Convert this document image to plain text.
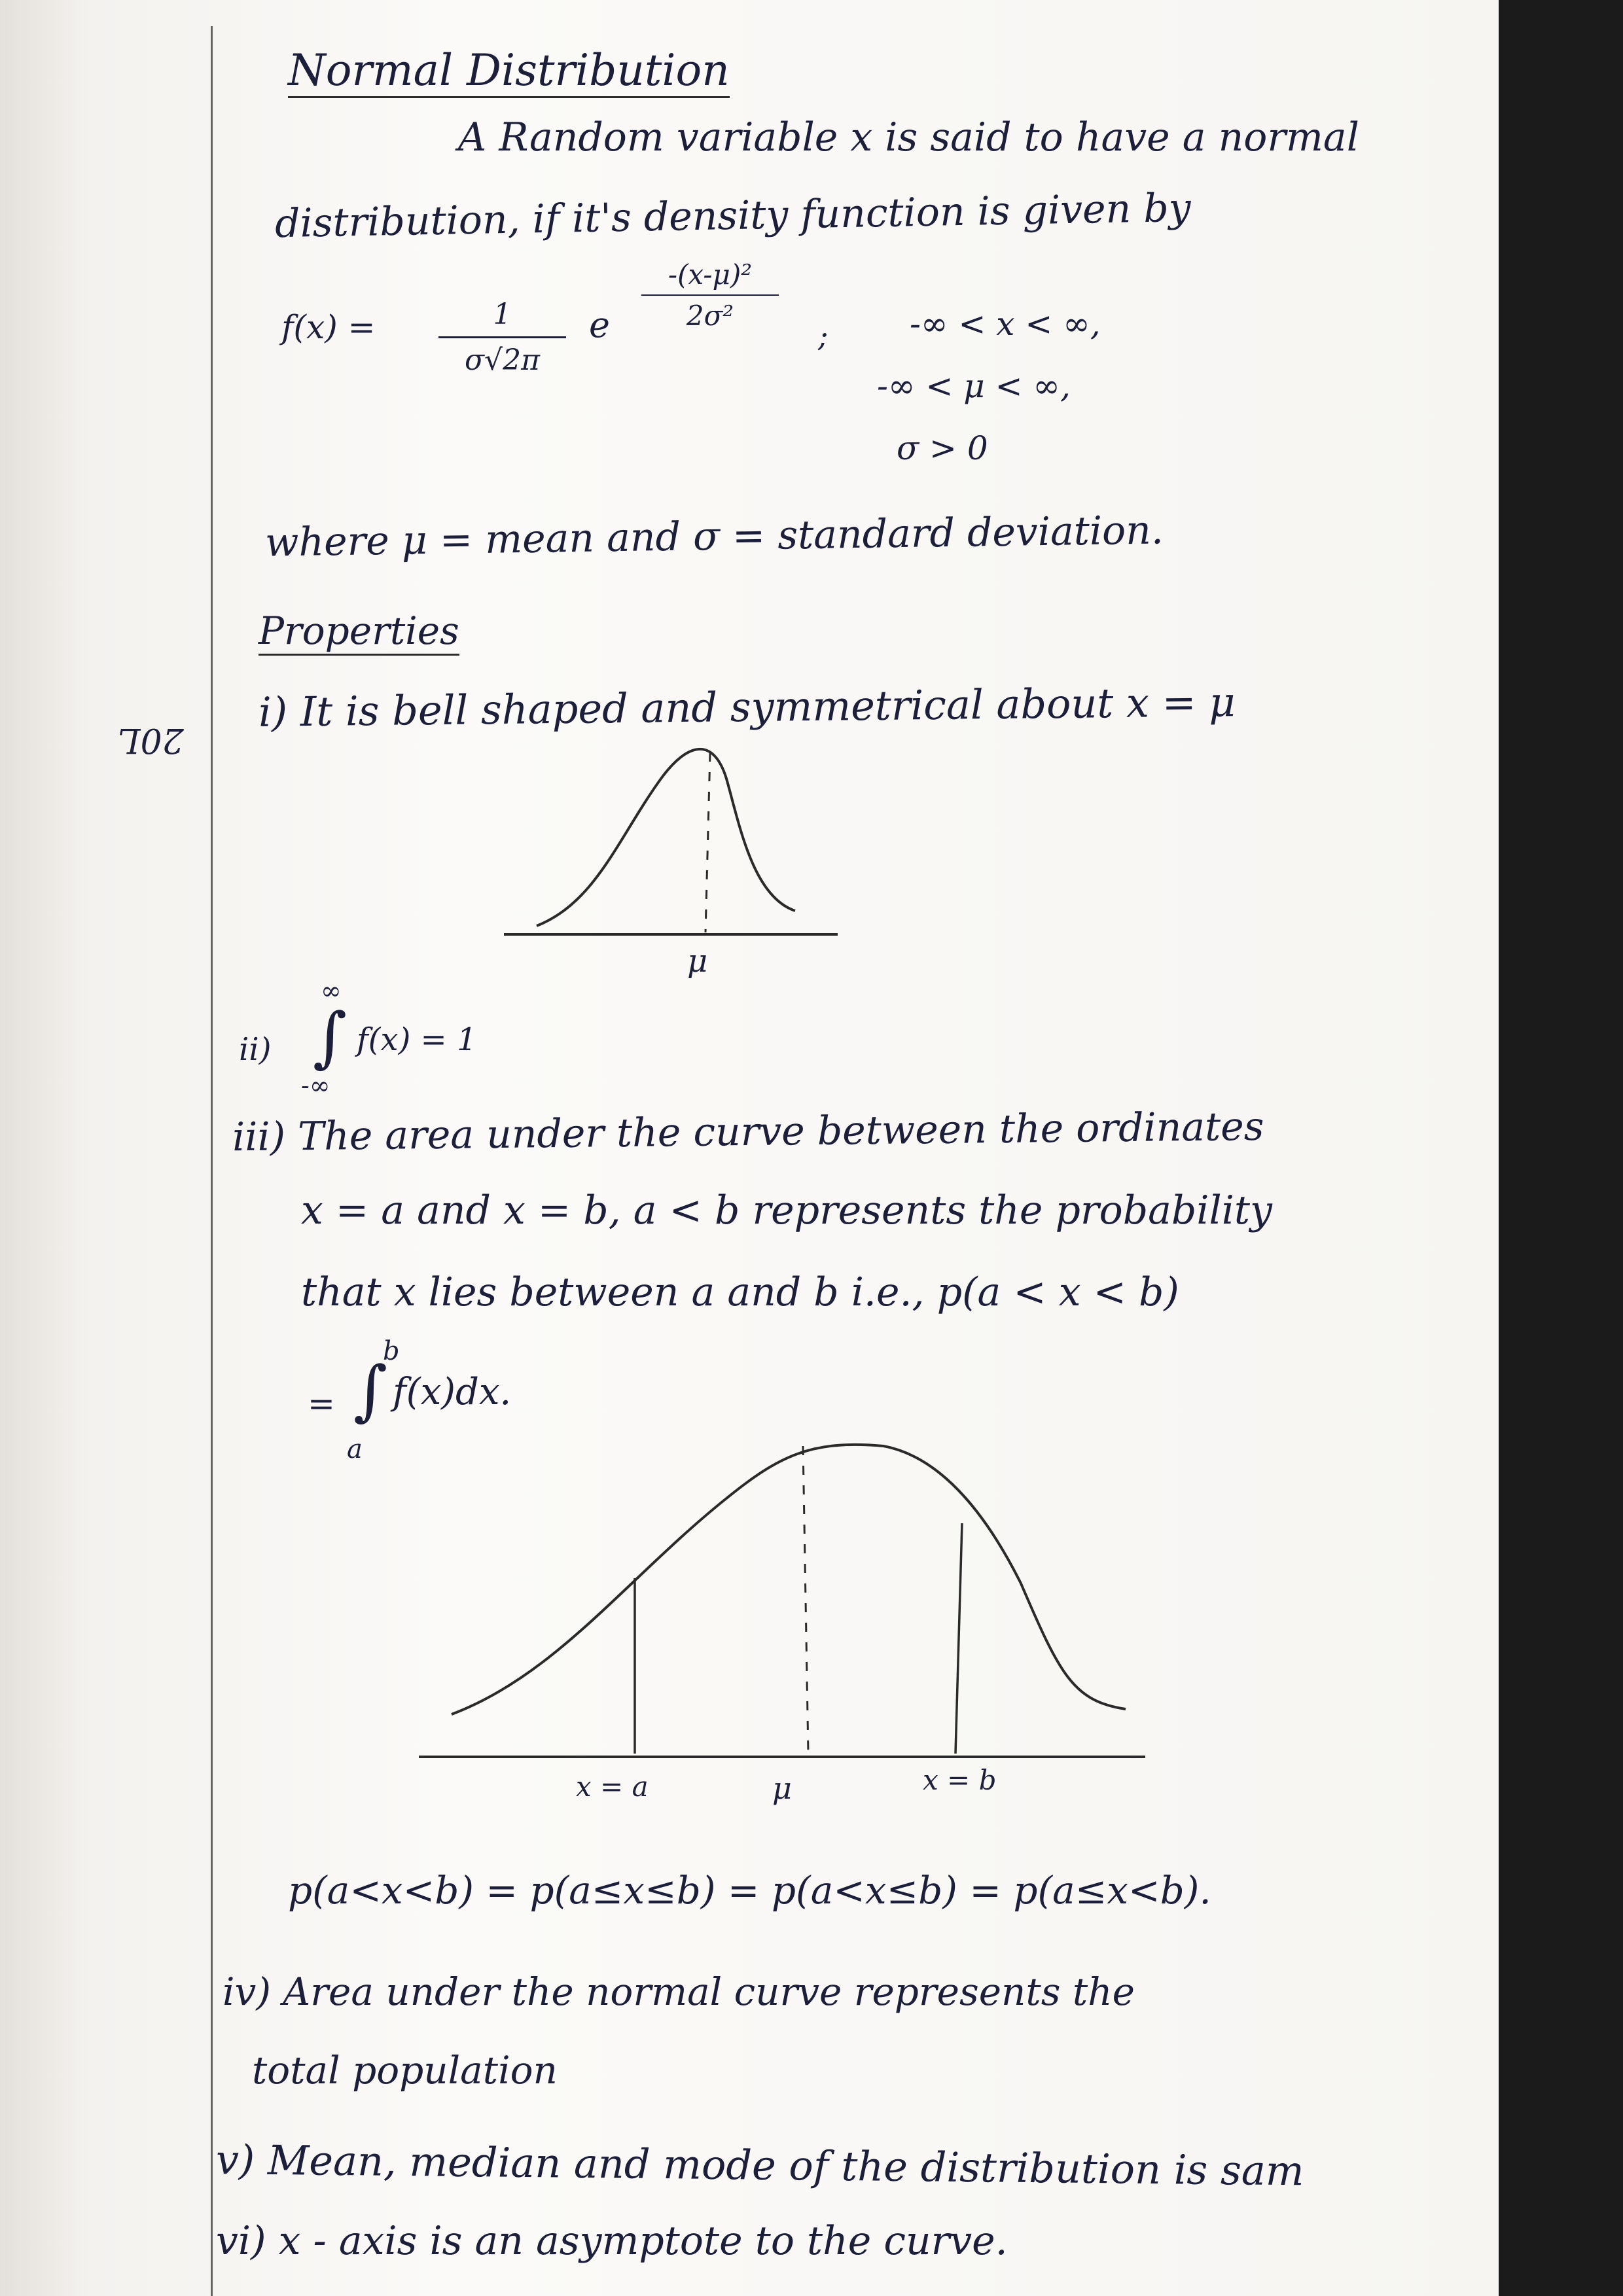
20L
Normal Distribution
A Random variable x is said to have a normal
distribution, if it's density function is given by
f(x) =	1
σ√2π
e
-(x-μ)²
2σ²
; -∞ < x < ∞,
-∞ < μ < ∞,
σ > 0
where μ = mean and σ = standard deviation.
Properties
i) It is bell shaped and symmetrical about x = μ
μ
ii)
∞
∫
-∞
f(x) = 1
iii) The area under the curve between the ordinates
x = a and x = b, a < b represents the probability
that x lies between a and b i.e., p(a < x < b)
=
b
∫
a
f(x)dx.
x = a	μ	x = b
p(a<x<b) = p(a≤x≤b) = p(a<x≤b) = p(a≤x<b).
iv) Area under the normal curve represents the
total population
v) Mean, median and mode of the distribution is sam
vi) x - axis is an asymptote to the curve.
